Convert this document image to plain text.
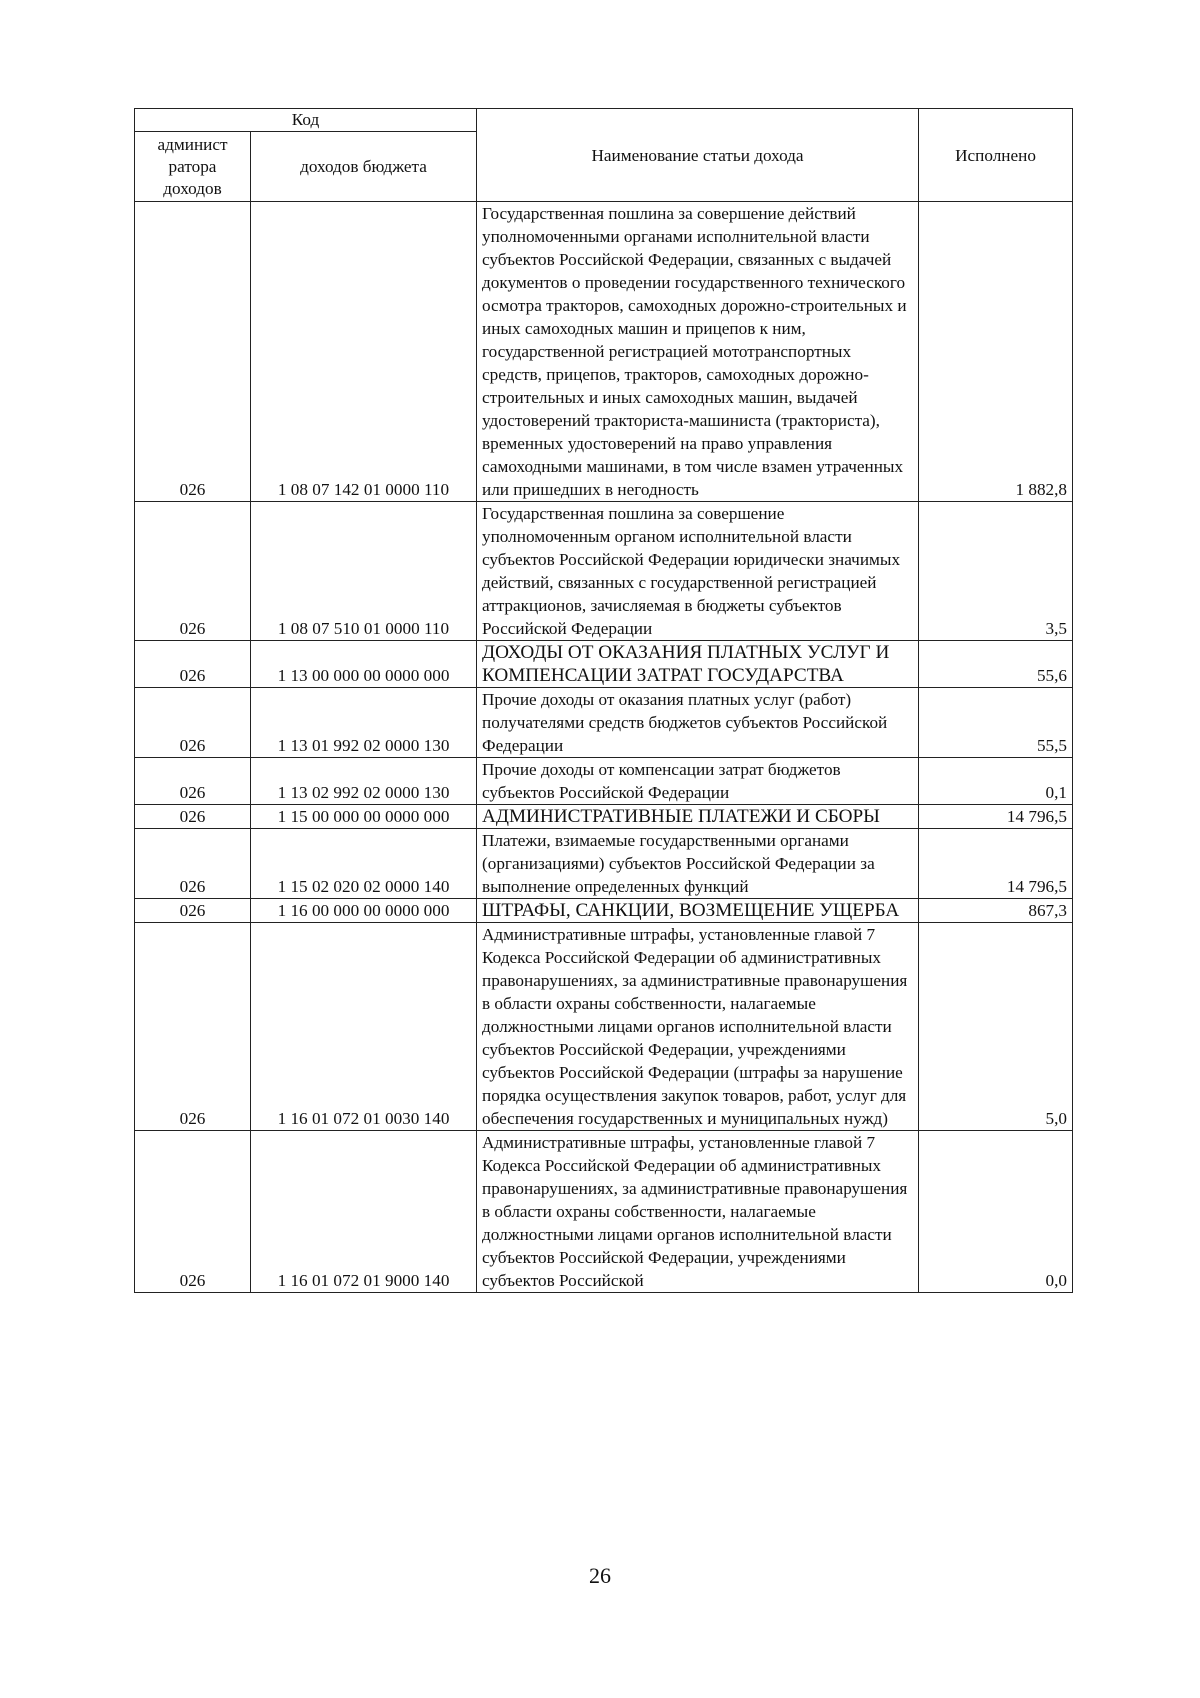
Код		Наименование статьи дохода	Исполнено
админист ратора доходов	доходов бюджета		
026	1 08 07 142 01 0000 110	Государственная пошлина за совершение действий уполномоченными органами исполнительной власти субъектов Российской Федерации, связанных с выдачей документов о проведении государственного технического осмотра тракторов, самоходных дорожно-строительных и иных самоходных машин и прицепов к ним, государственной регистрацией мототранспортных средств, прицепов, тракторов, самоходных дорожно-строительных и иных самоходных машин, выдачей удостоверений тракториста-машиниста (тракториста), временных удостоверений на право управления самоходными машинами, в том числе взамен утраченных или пришедших в негодность	1 882,8
026	1 08 07 510 01 0000 110	Государственная пошлина за совершение уполномоченным органом исполнительной власти субъектов Российской Федерации юридически значимых действий, связанных с государственной регистрацией аттракционов, зачисляемая в бюджеты субъектов Российской Федерации	3,5
026	1 13 00 000 00 0000 000	ДОХОДЫ ОТ ОКАЗАНИЯ ПЛАТНЫХ УСЛУГ И КОМПЕНСАЦИИ ЗАТРАТ ГОСУДАРСТВА	55,6
026	1 13 01 992 02 0000 130	Прочие доходы от оказания платных услуг (работ) получателями средств бюджетов субъектов Российской Федерации	55,5
026	1 13 02 992 02 0000 130	Прочие доходы от компенсации затрат бюджетов субъектов Российской Федерации	0,1
026	1 15 00 000 00 0000 000	АДМИНИСТРАТИВНЫЕ ПЛАТЕЖИ И СБОРЫ	14 796,5
026	1 15 02 020 02 0000 140	Платежи, взимаемые государственными органами (организациями) субъектов Российской Федерации за выполнение определенных функций	14 796,5
026	1 16 00 000 00 0000 000	ШТРАФЫ, САНКЦИИ, ВОЗМЕЩЕНИЕ УЩЕРБА	867,3
026	1 16 01 072 01 0030 140	Административные штрафы, установленные главой 7 Кодекса Российской Федерации об административных правонарушениях, за административные правонарушения в области охраны собственности, налагаемые должностными лицами органов исполнительной власти субъектов Российской Федерации, учреждениями субъектов Российской Федерации (штрафы за нарушение порядка осуществления закупок товаров, работ, услуг для обеспечения государственных и муниципальных нужд)	5,0
026	1 16 01 072 01 9000 140	Административные штрафы, установленные главой 7 Кодекса Российской Федерации об административных правонарушениях, за административные правонарушения в области охраны собственности, налагаемые должностными лицами органов исполнительной власти субъектов Российской Федерации, учреждениями субъектов Российской	0,0
26
